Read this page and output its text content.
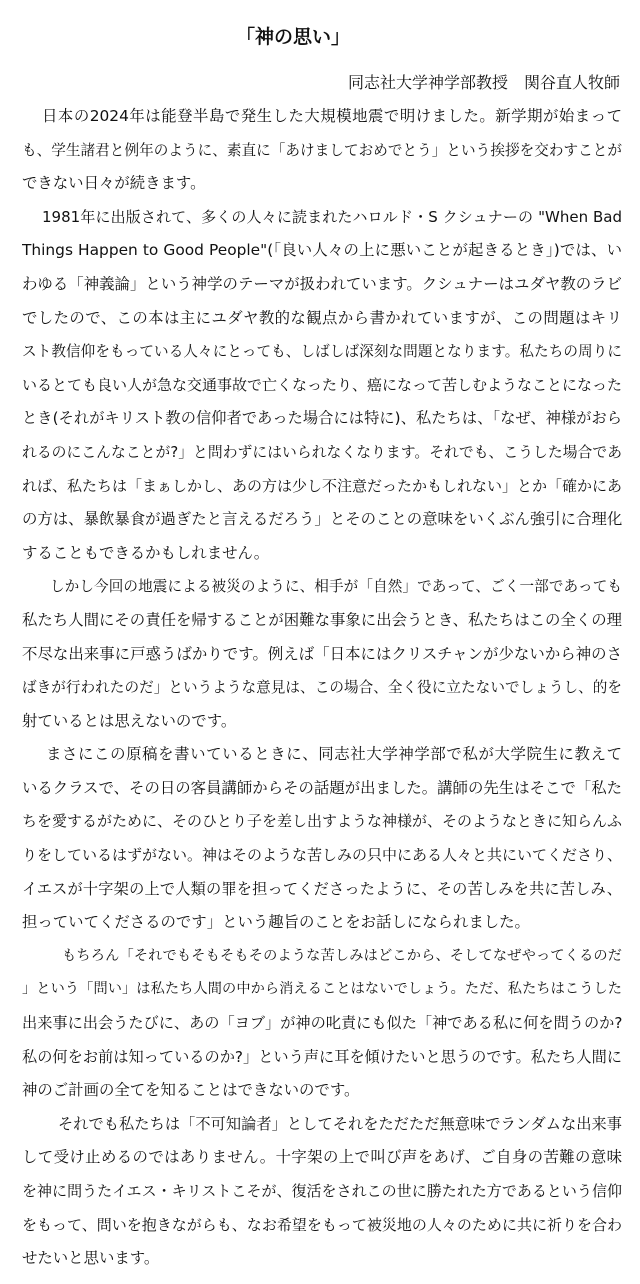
「神の思い」
同志社大学神学部教授　関谷直人牧師
日本の2024年は能登半島で発生した大規模地震で明けました。新学期が始まって
も、学生諸君と例年のように、素直に「あけましておめでとう」という挨拶を交わすことが
できない日々が続きます。
1981年に出版されて、多くの人々に読まれたハロルド・S クシュナーの "When Bad
Things Happen to Good People"(「良い人々の上に悪いことが起きるとき」)では、い
わゆる「神義論」という神学のテーマが扱われています。クシュナーはユダヤ教のラビ
でしたので、この本は主にユダヤ教的な観点から書かれていますが、この問題はキリ
スト教信仰をもっている人々にとっても、しばしば深刻な問題となります。私たちの周りに
いるとても良い人が急な交通事故で亡くなったり、癌になって苦しむようなことになった
とき(それがキリスト教の信仰者であった場合には特に)、私たちは、「なぜ、神様がおら
れるのにこんなことが?」と問わずにはいられなくなります。それでも、こうした場合であ
れば、私たちは「まぁしかし、あの方は少し不注意だったかもしれない」とか「確かにあ
の方は、暴飲暴食が過ぎたと言えるだろう」とそのことの意味をいくぶん強引に合理化
することもできるかもしれません。
しかし今回の地震による被災のように、相手が「自然」であって、ごく一部であっても
私たち人間にその責任を帰することが困難な事象に出会うとき、私たちはこの全くの理
不尽な出来事に戸惑うばかりです。例えば「日本にはクリスチャンが少ないから神のさ
ばきが行われたのだ」というような意見は、この場合、全く役に立たないでしょうし、的を
射ているとは思えないのです。
まさにこの原稿を書いているときに、同志社大学神学部で私が大学院生に教えて
いるクラスで、その日の客員講師からその話題が出ました。講師の先生はそこで「私た
ちを愛するがために、そのひとり子を差し出すような神様が、そのようなときに知らんふ
りをしているはずがない。神はそのような苦しみの只中にある人々と共にいてくださり、
イエスが十字架の上で人類の罪を担ってくださったように、その苦しみを共に苦しみ、
担っていてくださるのです」という趣旨のことをお話しになられました。
もちろん「それでもそもそもそのような苦しみはどこから、そしてなぜやってくるのだ
」という「問い」は私たち人間の中から消えることはないでしょう。ただ、私たちはこうした
出来事に出会うたびに、あの「ヨブ」が神の叱責にも似た「神である私に何を問うのか?
私の何をお前は知っているのか?」という声に耳を傾けたいと思うのです。私たち人間に
神のご計画の全てを知ることはできないのです。
それでも私たちは「不可知論者」としてそれをただただ無意味でランダムな出来事
して受け止めるのではありません。十字架の上で叫び声をあげ、ご自身の苦難の意味
を神に問うたイエス・キリストこそが、復活をされこの世に勝たれた方であるという信仰
をもって、問いを抱きながらも、なお希望をもって被災地の人々のために共に祈りを合わ
せたいと思います。
